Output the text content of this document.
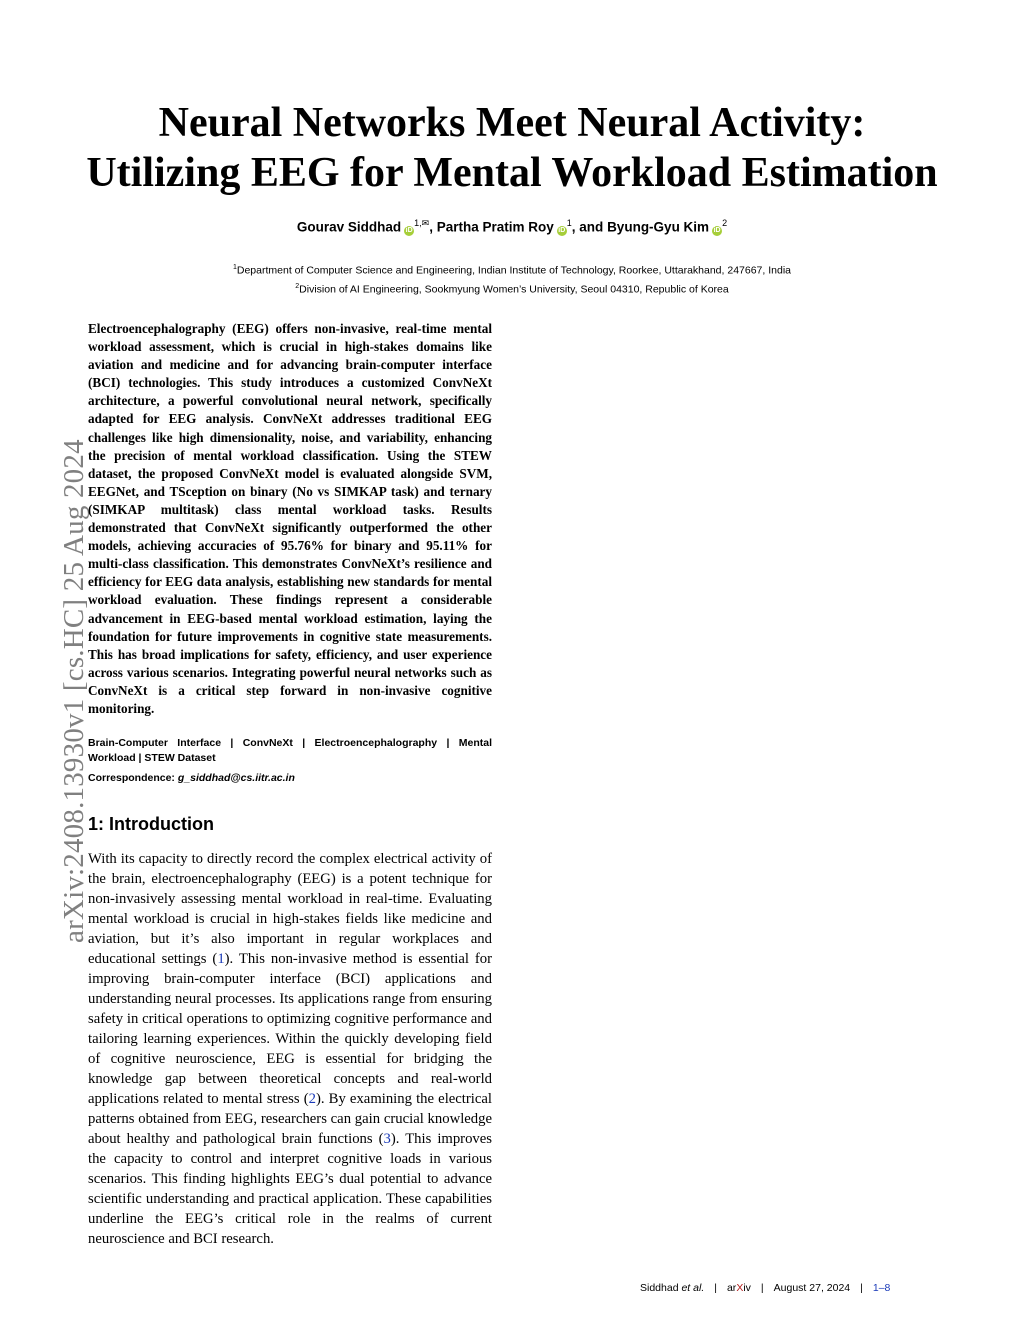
arXiv:2408.13930v1 [cs.HC] 25 Aug 2024
Neural Networks Meet Neural Activity:
Utilizing EEG for Mental Workload Estimation
Gourav Siddhad $iD^{1,✉}$, Partha Pratim Roy $iD^1$, and Byung-Gyu Kim $iD^2$
$^1$Department of Computer Science and Engineering, Indian Institute of Technology, Roorkee, Uttarakhand, 247667, India
$^2$Division of AI Engineering, Sookmyung Women’s University, Seoul 04310, Republic of Korea

Electroencephalography (EEG) offers non-invasive, real-time mental workload assessment, which is crucial in high-stakes domains like aviation and medicine and for advancing brain-computer interface (BCI) technologies. This study introduces a customized ConvNeXt architecture, a powerful convolutional neural network, specifically adapted for EEG analysis. ConvNeXt addresses traditional EEG challenges like high dimensionality, noise, and variability, enhancing the precision of mental workload classification. Using the STEW dataset, the proposed ConvNeXt model is evaluated alongside SVM, EEGNet, and TSception on binary (No vs SIMKAP task) and ternary (SIMKAP multitask) class mental workload tasks. Results demonstrated that ConvNeXt significantly outperformed the other models, achieving accuracies of 95.76% for binary and 95.11% for multi-class classification. This demonstrates ConvNeXt’s resilience and efficiency for EEG data analysis, establishing new standards for mental workload evaluation. These findings represent a considerable advancement in EEG-based mental workload estimation, laying the foundation for future improvements in cognitive state measurements. This has broad implications for safety, efficiency, and user experience across various scenarios. Integrating powerful neural networks such as ConvNeXt is a critical step forward in non-invasive cognitive monitoring.

Brain-Computer Interface | ConvNeXt | Electroencephalography | Mental Workload | STEW Dataset
Correspondence: g_siddhad@cs.iitr.ac.in
1: Introduction

With its capacity to directly record the complex electrical activity of the brain, electroencephalography (EEG) is a potent technique for non-invasively assessing mental workload in real-time. Evaluating mental workload is crucial in high-stakes fields like medicine and aviation, but it’s also important in regular workplaces and educational settings (1). This non-invasive method is essential for improving brain-computer interface (BCI) applications and understanding neural processes. Its applications range from ensuring safety in critical operations to optimizing cognitive performance and tailoring learning experiences. Within the quickly developing field of cognitive neuroscience, EEG is essential for bridging the knowledge gap between theoretical concepts and real-world applications related to mental stress (2). By examining the electrical patterns obtained from EEG, researchers can gain crucial knowledge about healthy and pathological brain functions (3). This improves the capacity to control and interpret cognitive loads in various scenarios. This finding highlights EEG’s dual potential to advance scientific understanding and practical application. These capabilities underline the EEG’s critical role in the realms of current neuroscience and BCI research.

Siddhad et al. | arXiv | August 27, 2024 | 1–8
